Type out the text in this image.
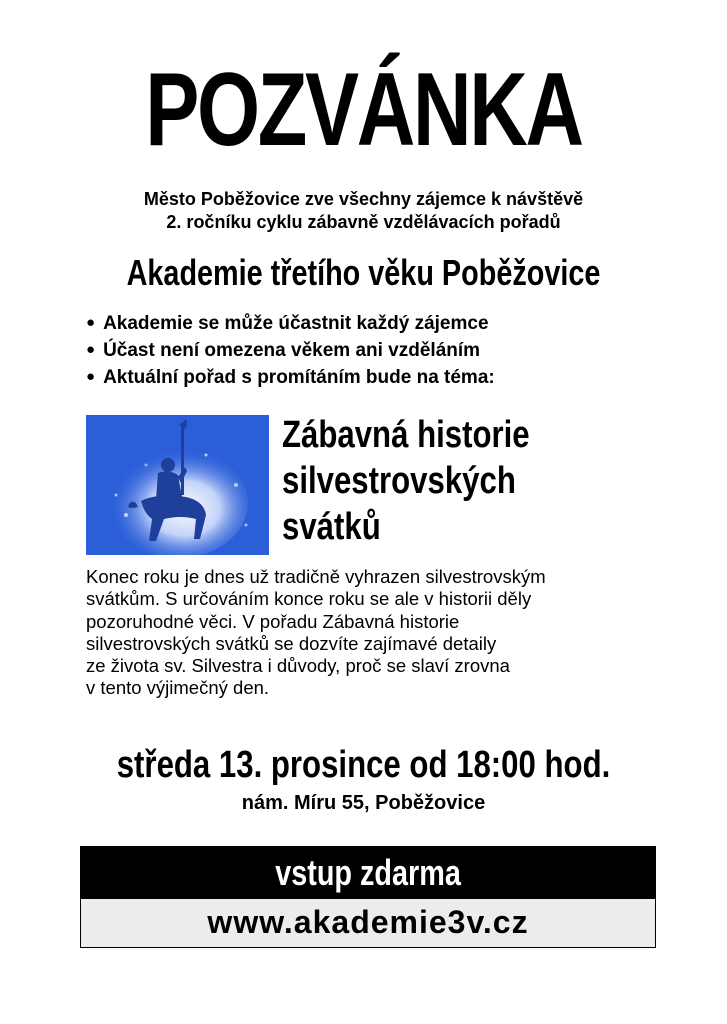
POZVÁNKA
Město Poběžovice zve všechny zájemce k návštěvě
2. ročníku cyklu zábavně vzdělávacích pořadů
Akademie třetího věku Poběžovice
● Akademie se může účastnit každý zájemce
● Účast není omezena věkem ani vzděláním
● Aktuální pořad s promítáním bude na téma:
Zábavná historie
silvestrovských
svátků
Konec roku je dnes už tradičně vyhrazen silvestrovským
svátkům. S určováním konce roku se ale v historii děly
pozoruhodné věci. V pořadu Zábavná historie
silvestrovských svátků se dozvíte zajímavé detaily
ze života sv. Silvestra i důvody, proč se slaví zrovna
v tento výjimečný den.
středa 13. prosince od 18:00 hod.
nám. Míru 55, Poběžovice
vstup zdarma
www.akademie3v.cz
